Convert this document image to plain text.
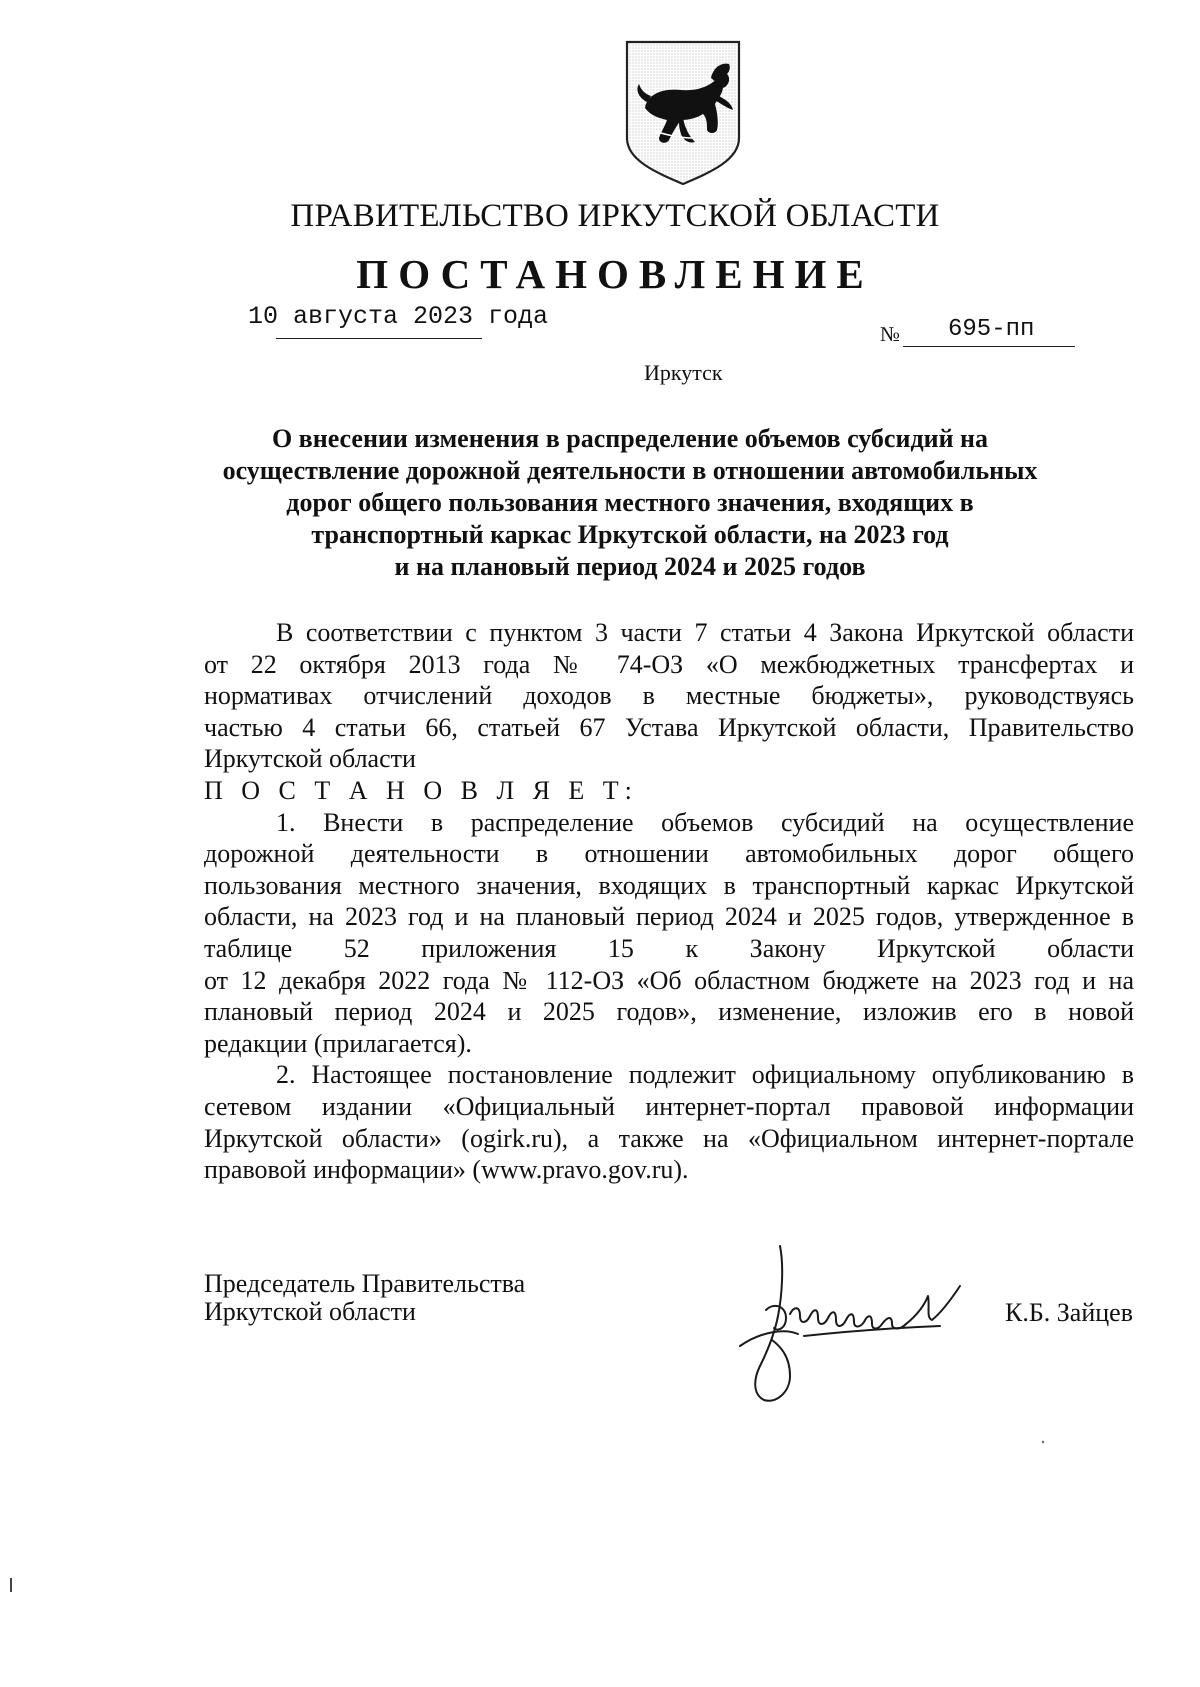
ПРАВИТЕЛЬСТВО ИРКУТСКОЙ ОБЛАСТИ
ПОСТАНОВЛЕНИЕ
10 августа 2023 года
№ 695-пп
Иркутск
О внесении изменения в распределение объемов субсидий на
осуществление дорожной деятельности в отношении автомобильных
дорог общего пользования местного значения, входящих в
транспортный каркас Иркутской области, на 2023 год
и на плановый период 2024 и 2025 годов
В соответствии с пунктом 3 части 7 статьи 4 Закона Иркутской области
от 22 октября 2013 года № 74-ОЗ «О межбюджетных трансфертах и
нормативах отчислений доходов в местные бюджеты», руководствуясь
частью 4 статьи 66, статьей 67 Устава Иркутской области, Правительство
Иркутской области
П О С Т А Н О В Л Я Е Т:
1. Внести в распределение объемов субсидий на осуществление
дорожной деятельности в отношении автомобильных дорог общего
пользования местного значения, входящих в транспортный каркас Иркутской
области, на 2023 год и на плановый период 2024 и 2025 годов, утвержденное в
таблице 52 приложения 15 к Закону Иркутской области
от 12 декабря 2022 года № 112-ОЗ «Об областном бюджете на 2023 год и на
плановый период 2024 и 2025 годов», изменение, изложив его в новой
редакции (прилагается).
2. Настоящее постановление подлежит официальному опубликованию в
сетевом издании «Официальный интернет-портал правовой информации
Иркутской области» (ogirk.ru), а также на «Официальном интернет-портале
правовой информации» (www.pravo.gov.ru).
Председатель Правительства
Иркутской области	К.Б. Зайцев
